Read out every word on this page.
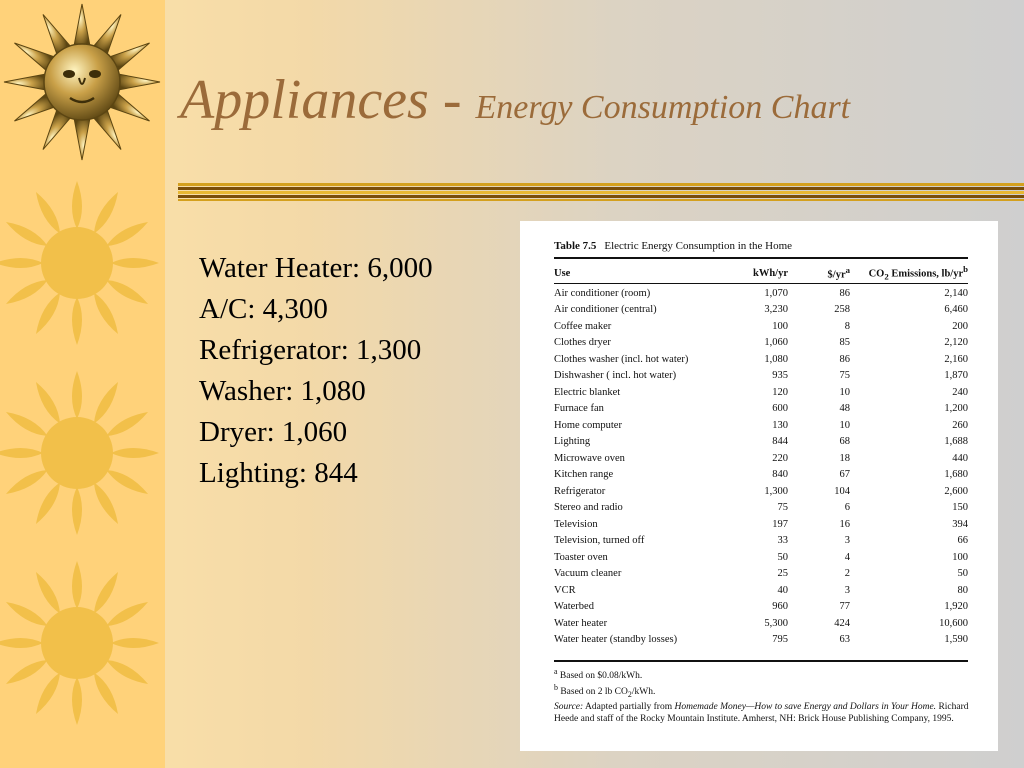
Appliances - Energy Consumption Chart
Water Heater: 6,000
A/C: 4,300
Refrigerator: 1,300
Washer: 1,080
Dryer: 1,060
Lighting: 844
Table 7.5 Electric Energy Consumption in the Home
Use	kWh/yr	$\$/yr^a$	$CO_2$ Emissions, $lb/yr^b$
Air conditioner (room)	1,070	86	2,140
Air conditioner (central)	3,230	258	6,460
Coffee maker	100	8	200
Clothes dryer	1,060	85	2,120
Clothes washer (incl. hot water)	1,080	86	2,160
Dishwasher ( incl. hot water)	935	75	1,870
Electric blanket	120	10	240
Furnace fan	600	48	1,200
Home computer	130	10	260
Lighting	844	68	1,688
Microwave oven	220	18	440
Kitchen range	840	67	1,680
Refrigerator	1,300	104	2,600
Stereo and radio	75	6	150
Television	197	16	394
Television, turned off	33	3	66
Toaster oven	50	4	100
Vacuum cleaner	25	2	50
VCR	40	3	80
Waterbed	960	77	1,920
Water heater	5,300	424	10,600
Water heater (standby losses)	795	63	1,590
$^a$ Based on $0.08/kWh.
$^b$ Based on 2 lb $CO_2$/kWh.
Source: Adapted partially from Homemade Money—How to save Energy and Dollars in Your Home. Richard Heede and staff of the Rocky Mountain Institute. Amherst, NH: Brick House Publishing Company, 1995.
